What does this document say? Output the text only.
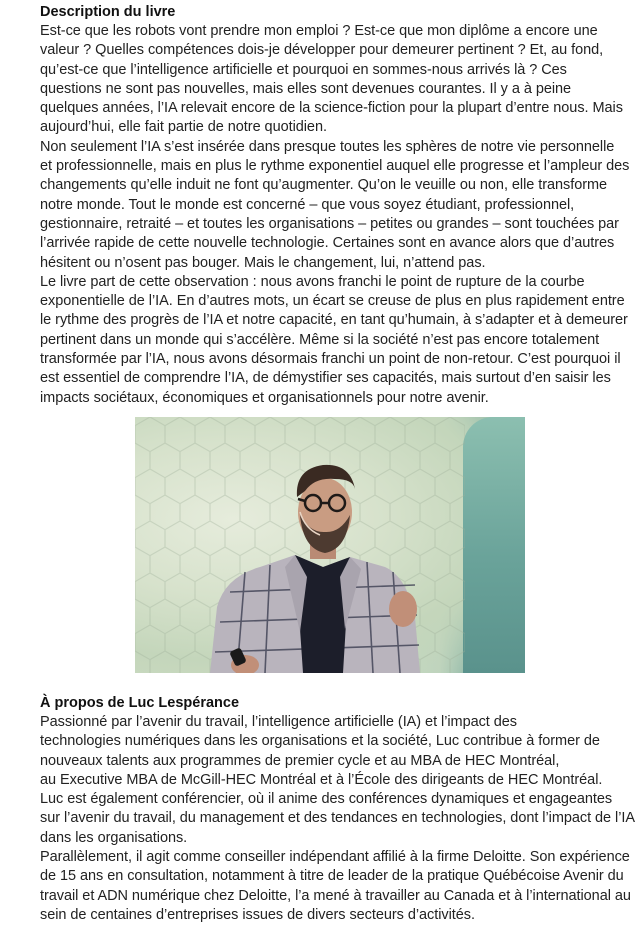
Description du livre

Est-ce que les robots vont prendre mon emploi ? Est-ce que mon diplôme a encore une valeur ? Quelles compétences dois-je développer pour demeurer pertinent ? Et, au fond, qu’est-ce que l’intelligence artificielle et pourquoi en sommes-nous arrivés là ? Ces questions ne sont pas nouvelles, mais elles sont devenues courantes. Il y a à peine quelques années, l’IA relevait encore de la science-fiction pour la plupart d’entre nous. Mais aujourd’hui, elle fait partie de notre quotidien.

Non seulement l’IA s’est insérée dans presque toutes les sphères de notre vie personnelle et professionnelle, mais en plus le rythme exponentiel auquel elle progresse et l’ampleur des changements qu’elle induit ne font qu’augmenter. Qu’on le veuille ou non, elle transforme notre monde. Tout le monde est concerné – que vous soyez étudiant, professionnel, gestionnaire, retraité – et toutes les organisations – petites ou grandes – sont touchées par l’arrivée rapide de cette nouvelle technologie. Certaines sont en avance alors que d’autres hésitent ou n’osent pas bouger. Mais le changement, lui, n’attend pas.

Le livre part de cette observation : nous avons franchi le point de rupture de la courbe exponentielle de l’IA. En d’autres mots, un écart se creuse de plus en plus rapidement entre le rythme des progrès de l’IA et notre capacité, en tant qu’humain, à s’adapter et à demeurer pertinent dans un monde qui s’accélère. Même si la société n’est pas encore totalement transformée par l’IA, nous avons désormais franchi un point de non-retour. C’est pourquoi il est essentiel de comprendre l’IA, de démystifier ses capacités, mais surtout d’en saisir les impacts sociétaux, économiques et organisationnels pour notre avenir.

À propos de Luc Lespérance

Passionné par l’avenir du travail, l’intelligence artificielle (IA) et l’impact des
technologies numériques dans les organisations et la société, Luc contribue à former de
nouveaux talents aux programmes de premier cycle et au MBA de HEC Montréal,
au Executive MBA de McGill-HEC Montréal et à l’École des dirigeants de HEC Montréal.

Luc est également conférencier, où il anime des conférences dynamiques et engageantes sur l’avenir du travail, du management et des tendances en technologies, dont l’impact de l’IA dans les organisations.

Parallèlement, il agit comme conseiller indépendant affilié à la firme Deloitte. Son expérience de 15 ans en consultation, notamment à titre de leader de la pratique Québécoise Avenir du travail et ADN numérique chez Deloitte, l’a mené à travailler au Canada et à l’international au sein de centaines d’entreprises issues de divers secteurs d’activités.
